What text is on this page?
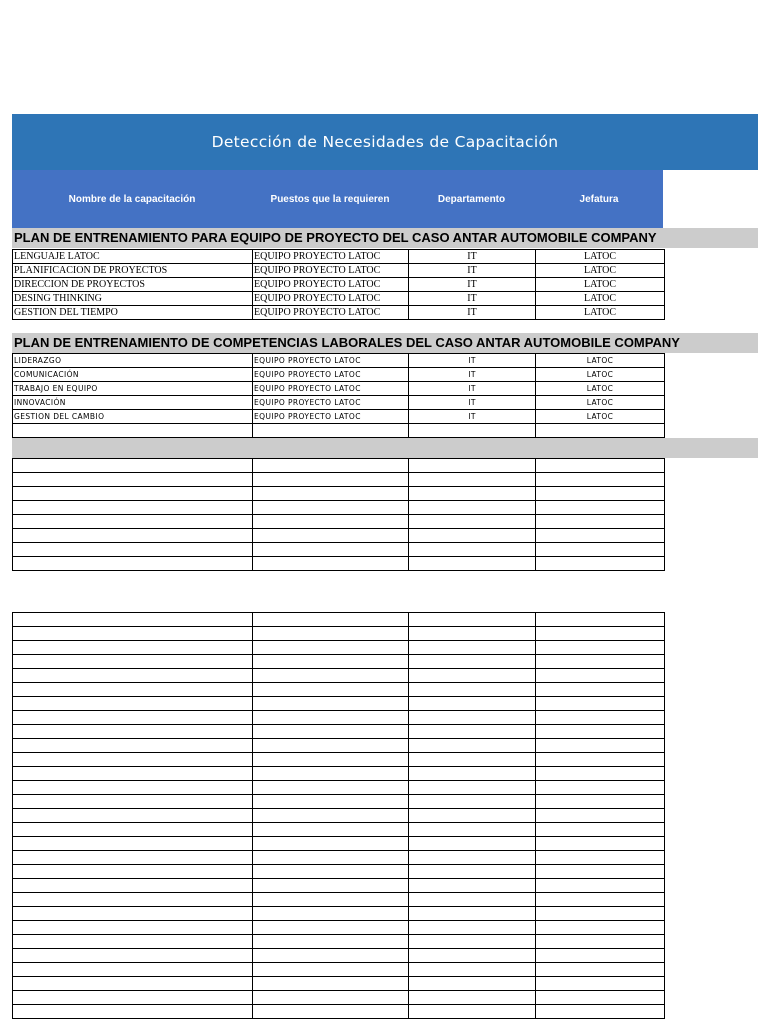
Detección de Necesidades de Capacitación
Nombre de la capacitación	Puestos que la requieren	Departamento	Jefatura
PLAN DE ENTRENAMIENTO PARA EQUIPO DE PROYECTO DEL CASO ANTAR AUTOMOBILE COMPANY
LENGUAJE LATOC	EQUIPO PROYECTO LATOC	IT	LATOC
PLANIFICACION DE PROYECTOS	EQUIPO PROYECTO LATOC	IT	LATOC
DIRECCION DE PROYECTOS	EQUIPO PROYECTO LATOC	IT	LATOC
DESING THINKING	EQUIPO PROYECTO LATOC	IT	LATOC
GESTION DEL TIEMPO	EQUIPO PROYECTO LATOC	IT	LATOC
PLAN DE ENTRENAMIENTO DE COMPETENCIAS LABORALES DEL CASO ANTAR AUTOMOBILE COMPANY
LIDERAZGO	EQUIPO PROYECTO LATOC	IT	LATOC
COMUNICACIÓN	EQUIPO PROYECTO LATOC	IT	LATOC
TRABAJO EN EQUIPO	EQUIPO PROYECTO LATOC	IT	LATOC
INNOVACIÓN	EQUIPO PROYECTO LATOC	IT	LATOC
GESTION DEL CAMBIO	EQUIPO PROYECTO LATOC	IT	LATOC
